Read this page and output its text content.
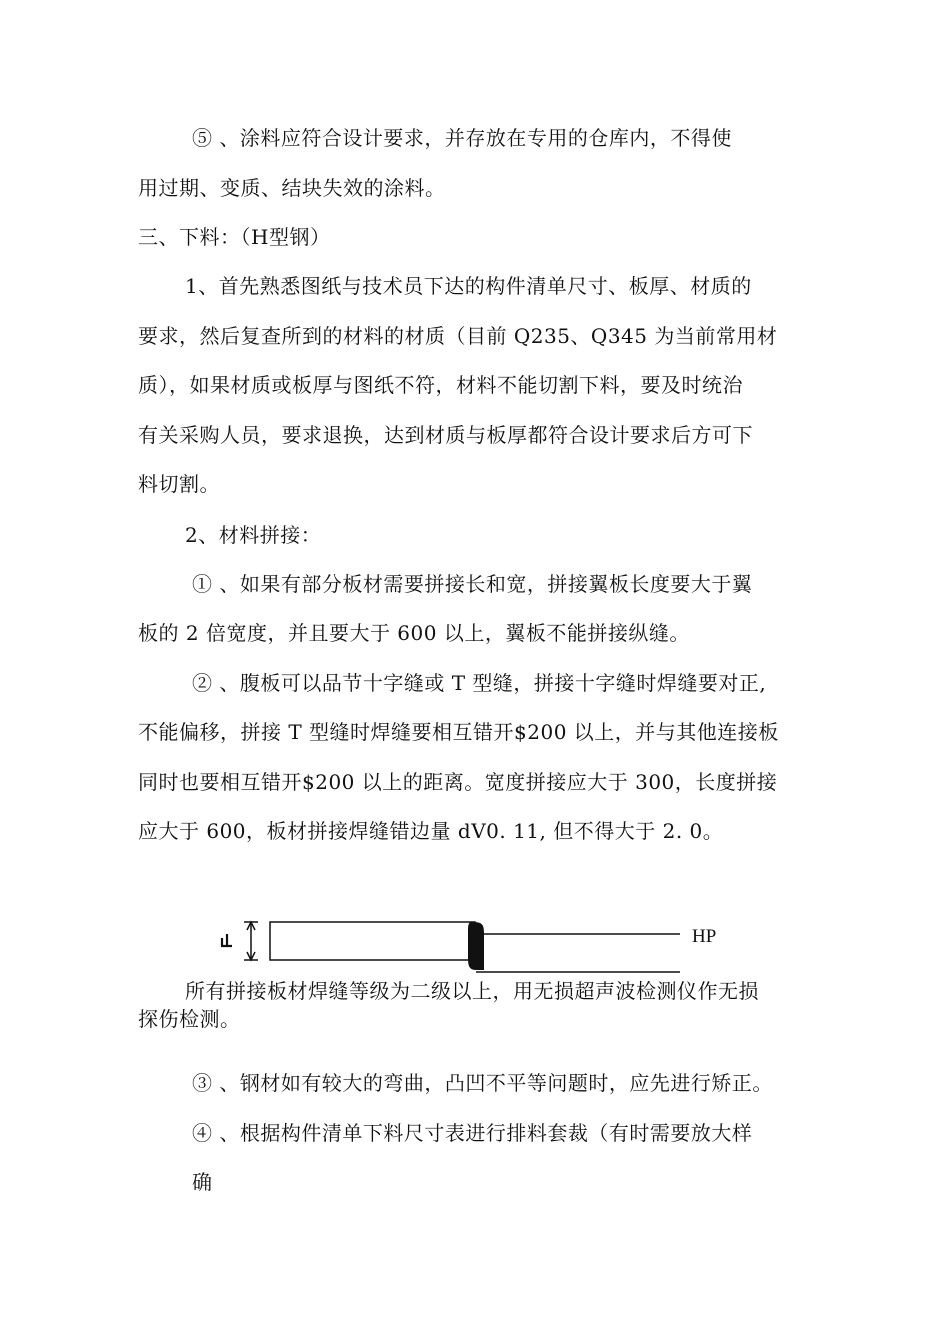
⑤ 、涂料应符合设计要求，并存放在专用的仓库内，不得使
用过期、变质、结块失效的涂料。
三、下料：（H型钢）
1、首先熟悉图纸与技术员下达的构件清单尺寸、板厚、材质的
要求，然后复查所到的材料的材质（目前 Q235、Q345 为当前常用材
质），如果材质或板厚与图纸不符，材料不能切割下料，要及时统治
有关采购人员，要求退换，达到材质与板厚都符合设计要求后方可下
料切割。
2、材料拼接：
① 、如果有部分板材需要拼接长和宽，拼接翼板长度要大于翼
板的 2 倍宽度，并且要大于 600 以上，翼板不能拼接纵缝。
② 、腹板可以品节十字缝或 T 型缝，拼接十字缝时焊缝要对正,
不能偏移，拼接 T 型缝时焊缝要相互错开$200 以上，并与其他连接板
同时也要相互错开$200 以上的距离。宽度拼接应大于 300，长度拼接
应大于 600，板材拼接焊缝错边量 dV0. 11, 但不得大于 2. 0。
HP
所有拼接板材焊缝等级为二级以上，用无损超声波检测仪作无损
探伤检测。
③ 、钢材如有较大的弯曲，凸凹不平等问题时，应先进行矫正。
④ 、根据构件清单下料尺寸表进行排料套裁（有时需要放大样
确
